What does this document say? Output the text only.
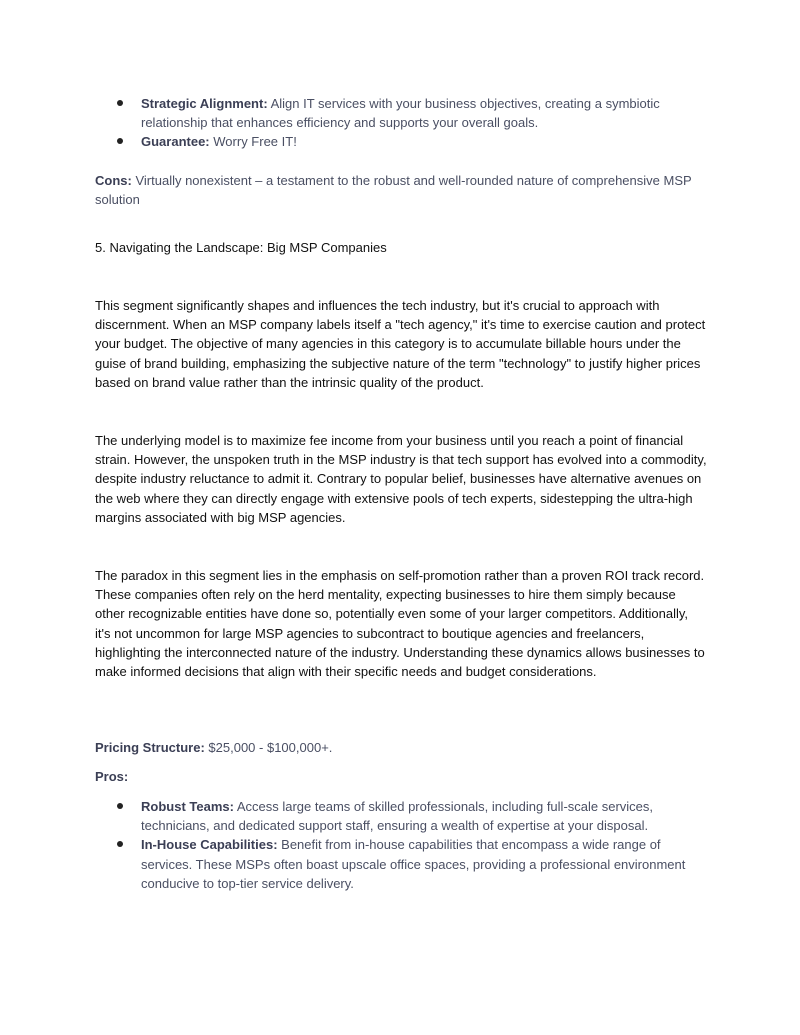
Strategic Alignment: Align IT services with your business objectives, creating a symbiotic relationship that enhances efficiency and supports your overall goals.
Guarantee: Worry Free IT!

Cons: Virtually nonexistent – a testament to the robust and well-rounded nature of comprehensive MSP solution

5. Navigating the Landscape: Big MSP Companies

This segment significantly shapes and influences the tech industry, but it's crucial to approach with discernment. When an MSP company labels itself a "tech agency," it's time to exercise caution and protect your budget. The objective of many agencies in this category is to accumulate billable hours under the guise of brand building, emphasizing the subjective nature of the term "technology" to justify higher prices based on brand value rather than the intrinsic quality of the product.

The underlying model is to maximize fee income from your business until you reach a point of financial strain. However, the unspoken truth in the MSP industry is that tech support has evolved into a commodity, despite industry reluctance to admit it. Contrary to popular belief, businesses have alternative avenues on the web where they can directly engage with extensive pools of tech experts, sidestepping the ultra-high margins associated with big MSP agencies.

The paradox in this segment lies in the emphasis on self-promotion rather than a proven ROI track record. These companies often rely on the herd mentality, expecting businesses to hire them simply because other recognizable entities have done so, potentially even some of your larger competitors. Additionally, it's not uncommon for large MSP agencies to subcontract to boutique agencies and freelancers, highlighting the interconnected nature of the industry. Understanding these dynamics allows businesses to make informed decisions that align with their specific needs and budget considerations.

Pricing Structure: $25,000 - $100,000+.

Pros:

Robust Teams: Access large teams of skilled professionals, including full-scale services, technicians, and dedicated support staff, ensuring a wealth of expertise at your disposal.
In-House Capabilities: Benefit from in-house capabilities that encompass a wide range of services. These MSPs often boast upscale office spaces, providing a professional environment conducive to top-tier service delivery.
